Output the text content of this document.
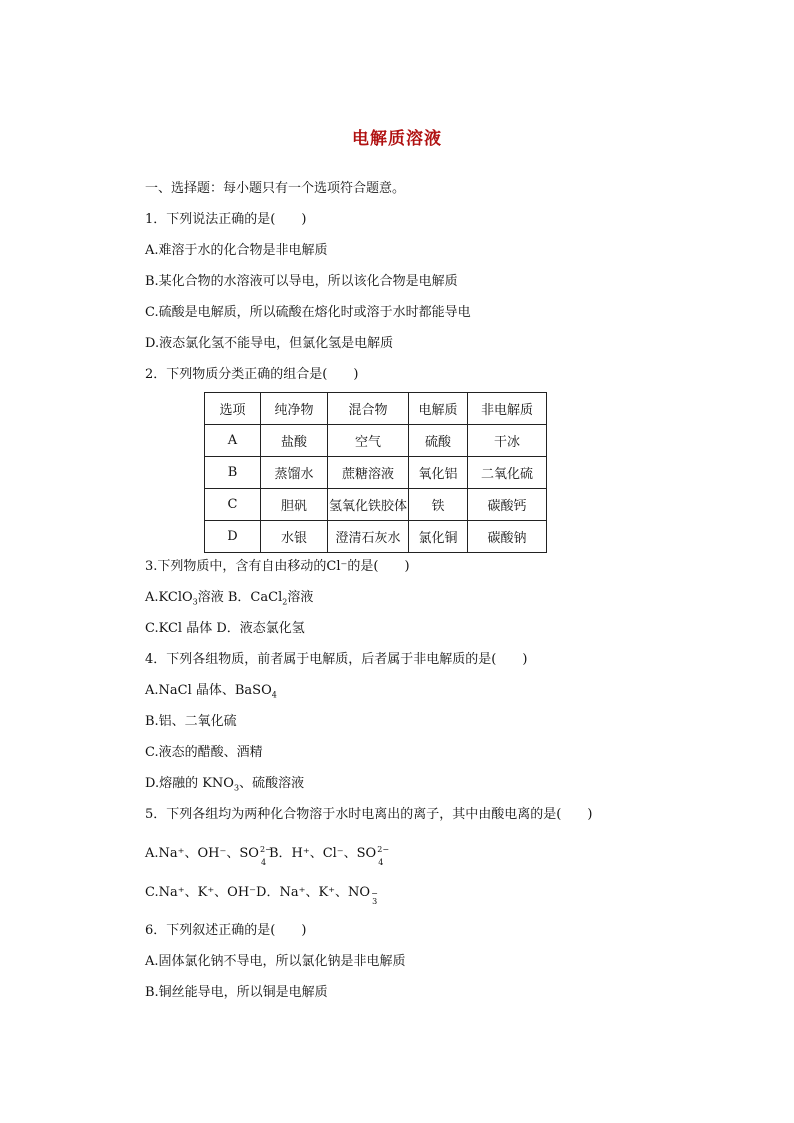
电解质溶液
一、选择题：每小题只有一个选项符合题意。
1．下列说法正确的是(　　)
A.难溶于水的化合物是非电解质
B.某化合物的水溶液可以导电，所以该化合物是电解质
C.硫酸是电解质，所以硫酸在熔化时或溶于水时都能导电
D.液态氯化氢不能导电，但氯化氢是电解质
2．下列物质分类正确的组合是(　　)
选项	纯净物	混合物	电解质	非电解质
A	盐酸	空气	硫酸	干冰
B	蒸馏水	蔗糖溶液	氧化铝	二氧化硫
C	胆矾	氢氧化铁胶体	铁	碳酸钙
D	水银	澄清石灰水	氯化铜	碳酸钠
3.下列物质中，含有自由移动的Cl⁻的是(　　)
A.KClO$_3$溶液 B．CaCl$_2$溶液
C.KCl 晶体 D．液态氯化氢
4．下列各组物质，前者属于电解质，后者属于非电解质的是(　　)
A.NaCl 晶体、BaSO$_4$
B.铝、二氧化硫
C.液态的醋酸、酒精
D.熔融的 $KNO_3$、硫酸溶液
5．下列各组均为两种化合物溶于水时电离出的离子，其中由酸电离的是(　　)
A.Na⁺、OH⁻、SO 2−
4
B．H⁺、Cl⁻、SO 2−
4
C.Na⁺、K⁺、OH⁻D．Na⁺、K⁺、NO −
3
6．下列叙述正确的是(　　)
A.固体氯化钠不导电，所以氯化钠是非电解质
B.铜丝能导电，所以铜是电解质
